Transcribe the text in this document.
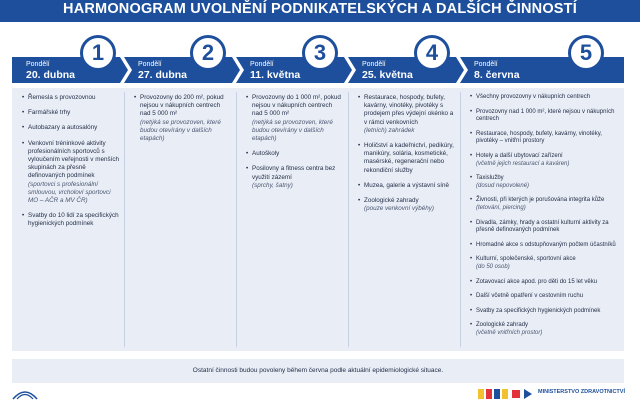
HARMONOGRAM UVOLNĚNÍ PODNIKATELSKÝCH A DALŠÍCH ČINNOSTÍ
Pondělí
20. dubna
Pondělí
27. dubna
Pondělí
11. května
Pondělí
25. května
Pondělí
8. června
1	2	3	4	5
• Řemesla s provozovnou
• Farmářské trhy
• Autobazary a autosalóny
• Venkovní tréninkové aktivity profesionálních sportovců s vyloučením veřejnosti v menších skupinách za přesně definovaných podmínek
(sportovci s profesionální smlouvou, vrcholoví sportovci MO – AČR a MV ČR)
• Svatby do 10 lidí za specifických hygienických podmínek
• Provozovny do 200 m², pokud nejsou v nákupních centrech nad 5 000 m²
(netýká se provozoven, které budou otevírány v dalších etapách)
• Provozovny do 1 000 m², pokud nejsou v nákupních centrech nad 5 000 m²
(netýká se provozoven, které budou otevírány v dalších etapách)
• Autoškoly
• Posilovny a fitness centra bez využití zázemí
(sprchy, šatny)
• Restaurace, hospody, bufety, kavárny, vinotéky, pivotéky s prodejem přes výdejní okénko a v rámci venkovních
(letních) zahrádek
• Holičství a kadeřnictví, pedikúry, manikúry, solária, kosmetické, masérské, regenerační nebo rekondiční služby
• Muzea, galerie a výstavní síně
• Zoologické zahrady
(pouze venkovní výběhy)
• Všechny provozovny v nákupních centrech
• Provozovny nad 1 000 m², které nejsou v nákupních centrech
• Restaurace, hospody, bufety, kavárny, vinotéky, pivotéky – vnitřní prostory
• Hotely a další ubytovací zařízení
(včetně jejich restaurací a kaváren)
• Taxislužby
(dosud nepovolené)
• Živnosti, při kterých je porušována integrita kůže
(tetování, piercing)
• Divadla, zámky, hrady a ostatní kulturní aktivity za přesně definovaných podmínek
• Hromadné akce s odstupňovaným počtem účastníků
• Kulturní, společenské, sportovní akce
(do 50 osob)
• Zotavovací akce apod. pro děti do 15 let věku
• Další včetně opatření v cestovním ruchu
• Svatby za specifických hygienických podmínek
• Zoologické zahrady
(včetně vnitřních prostor)
Ostatní činnosti budou povoleny během června podle aktuální epidemiologické situace.
MINISTERSTVO ZDRAVOTNICTVÍ
